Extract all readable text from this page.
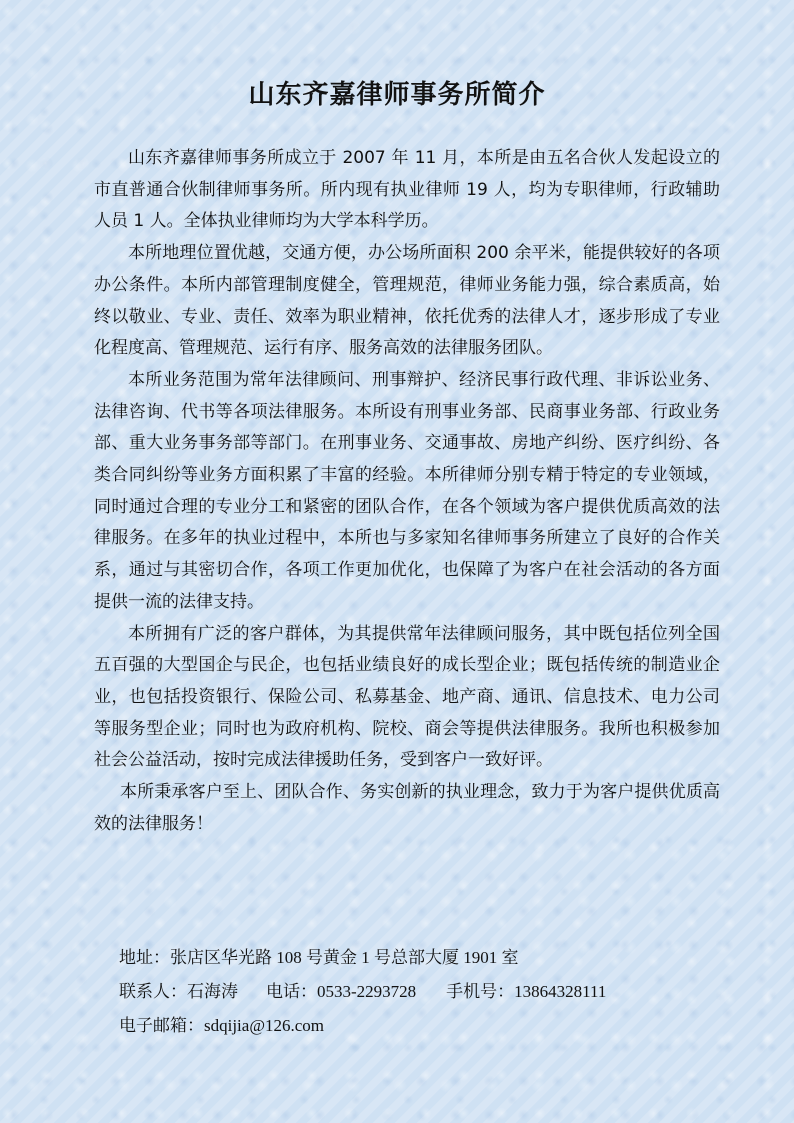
山东齐嘉律师事务所简介

山东齐嘉律师事务所成立于 2007 年 11 月，本所是由五名合伙人发起设立的市直普通合伙制律师事务所。所内现有执业律师 19 人，均为专职律师，行政辅助人员 1 人。全体执业律师均为大学本科学历。

本所地理位置优越，交通方便，办公场所面积 200 余平米，能提供较好的各项办公条件。本所内部管理制度健全，管理规范，律师业务能力强，综合素质高，始终以敬业、专业、责任、效率为职业精神，依托优秀的法律人才，逐步形成了专业化程度高、管理规范、运行有序、服务高效的法律服务团队。

本所业务范围为常年法律顾问、刑事辩护、经济民事行政代理、非诉讼业务、法律咨询、代书等各项法律服务。本所设有刑事业务部、民商事业务部、行政业务部、重大业务事务部等部门。在刑事业务、交通事故、房地产纠纷、医疗纠纷、各类合同纠纷等业务方面积累了丰富的经验。本所律师分别专精于特定的专业领域，同时通过合理的专业分工和紧密的团队合作，在各个领域为客户提供优质高效的法律服务。在多年的执业过程中，本所也与多家知名律师事务所建立了良好的合作关系，通过与其密切合作，各项工作更加优化，也保障了为客户在社会活动的各方面提供一流的法律支持。

本所拥有广泛的客户群体，为其提供常年法律顾问服务，其中既包括位列全国五百强的大型国企与民企，也包括业绩良好的成长型企业；既包括传统的制造业企业，也包括投资银行、保险公司、私募基金、地产商、通讯、信息技术、电力公司等服务型企业；同时也为政府机构、院校、商会等提供法律服务。我所也积极参加社会公益活动，按时完成法律援助任务，受到客户一致好评。

本所秉承客户至上、团队合作、务实创新的执业理念，致力于为客户提供优质高效的法律服务！

地址：张店区华光路 108 号黄金 1 号总部大厦 1901 室
联系人：石海涛 电话：0533-2293728 手机号：13864328111
电子邮箱：sdqijia@126.com
